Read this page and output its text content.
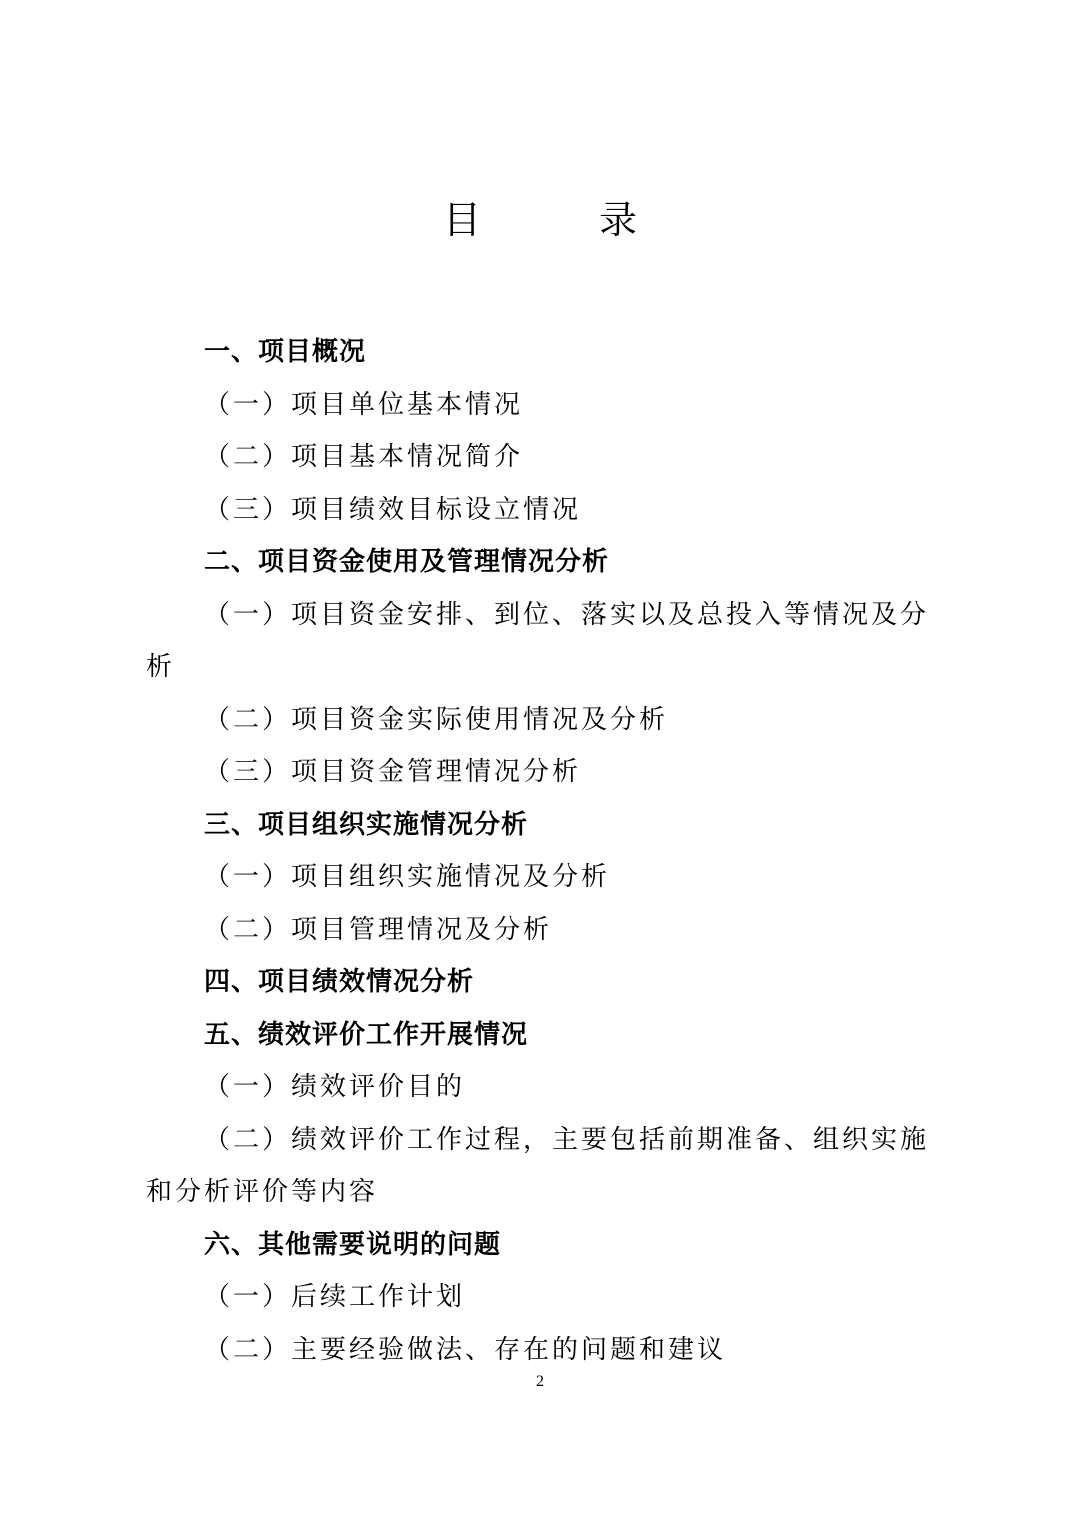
目　录
一、项目概况
（一）项目单位基本情况
（二）项目基本情况简介
（三）项目绩效目标设立情况
二、项目资金使用及管理情况分析
（一）项目资金安排、到位、落实以及总投入等情况及分
析
（二）项目资金实际使用情况及分析
（三）项目资金管理情况分析
三、项目组织实施情况分析
（一）项目组织实施情况及分析
（二）项目管理情况及分析
四、项目绩效情况分析
五、绩效评价工作开展情况
（一）绩效评价目的
（二）绩效评价工作过程，主要包括前期准备、组织实施
和分析评价等内容
六、其他需要说明的问题
（一）后续工作计划
（二）主要经验做法、存在的问题和建议
2
